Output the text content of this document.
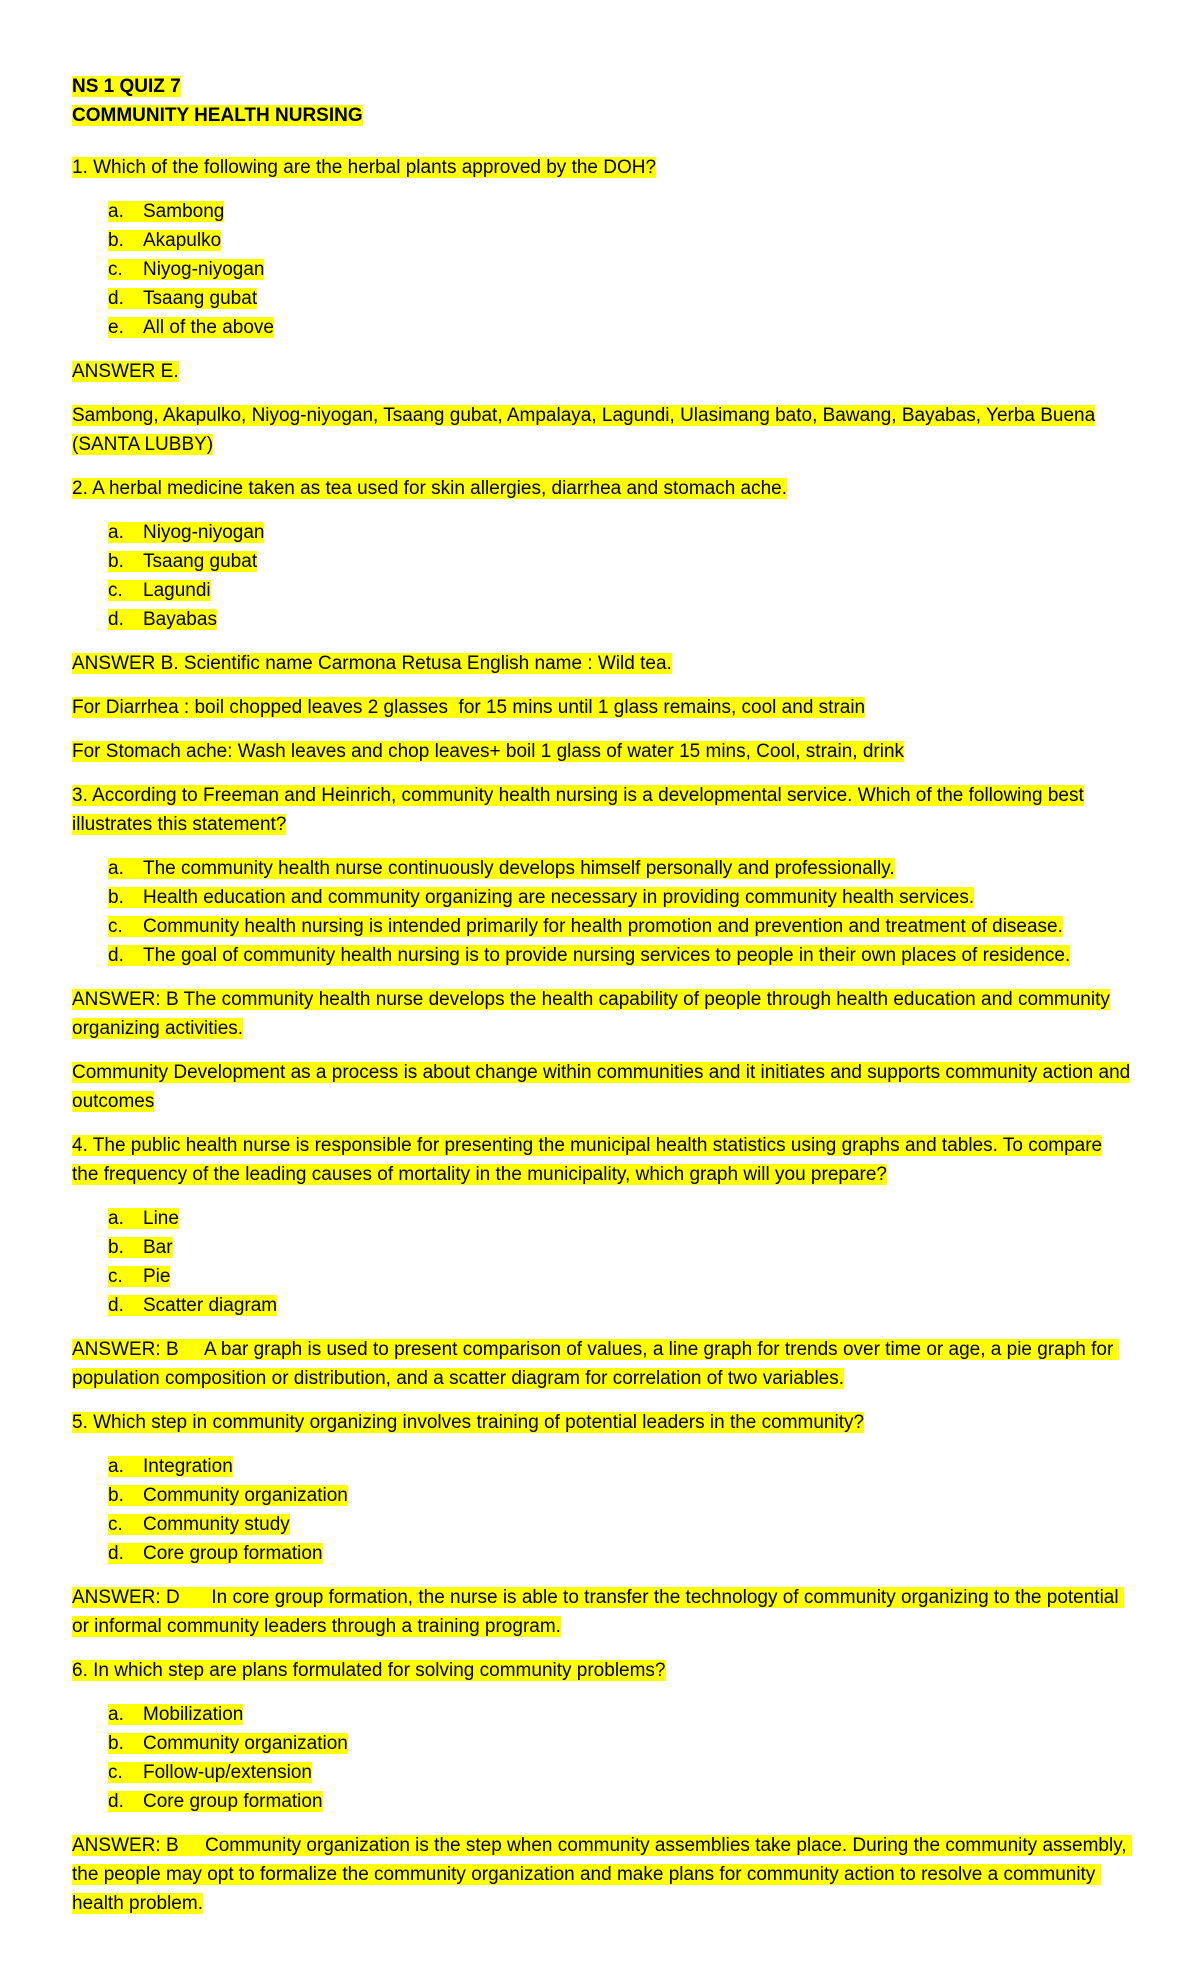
NS 1 QUIZ 7

COMMUNITY HEALTH NURSING

1. Which of the following are the herbal plants approved by the DOH?

a. Sambong
b. Akapulko
c. Niyog-niyogan
d. Tsaang gubat
e. All of the above

ANSWER E.

Sambong, Akapulko, Niyog-niyogan, Tsaang gubat, Ampalaya, Lagundi, Ulasimang bato, Bawang, Bayabas, Yerba Buena (SANTA LUBBY)

2. A herbal medicine taken as tea used for skin allergies, diarrhea and stomach ache.

a. Niyog-niyogan
b. Tsaang gubat
c. Lagundi
d. Bayabas

ANSWER B. Scientific name Carmona Retusa English name : Wild tea.

For Diarrhea : boil chopped leaves 2 glasses  for 15 mins until 1 glass remains, cool and strain

For Stomach ache: Wash leaves and chop leaves+ boil 1 glass of water 15 mins, Cool, strain, drink

3. According to Freeman and Heinrich, community health nursing is a developmental service. Which of the following best illustrates this statement?

a. The community health nurse continuously develops himself personally and professionally.
b. Health education and community organizing are necessary in providing community health services.
c. Community health nursing is intended primarily for health promotion and prevention and treatment of disease.
d. The goal of community health nursing is to provide nursing services to people in their own places of residence.

ANSWER: B The community health nurse develops the health capability of people through health education and community organizing activities.

Community Development as a process is about change within communities and it initiates and supports community action and outcomes

4. The public health nurse is responsible for presenting the municipal health statistics using graphs and tables. To compare the frequency of the leading causes of mortality in the municipality, which graph will you prepare?

a. Line
b. Bar
c. Pie
d. Scatter diagram

ANSWER: B     A bar graph is used to present comparison of values, a line graph for trends over time or age, a pie graph for population composition or distribution, and a scatter diagram for correlation of two variables.

5. Which step in community organizing involves training of potential leaders in the community?

a. Integration
b. Community organization
c. Community study
d. Core group formation

ANSWER: D      In core group formation, the nurse is able to transfer the technology of community organizing to the potential or informal community leaders through a training program.

6. In which step are plans formulated for solving community problems?

a. Mobilization
b. Community organization
c. Follow-up/extension
d. Core group formation

ANSWER: B     Community organization is the step when community assemblies take place. During the community assembly, the people may opt to formalize the community organization and make plans for community action to resolve a community health problem.
